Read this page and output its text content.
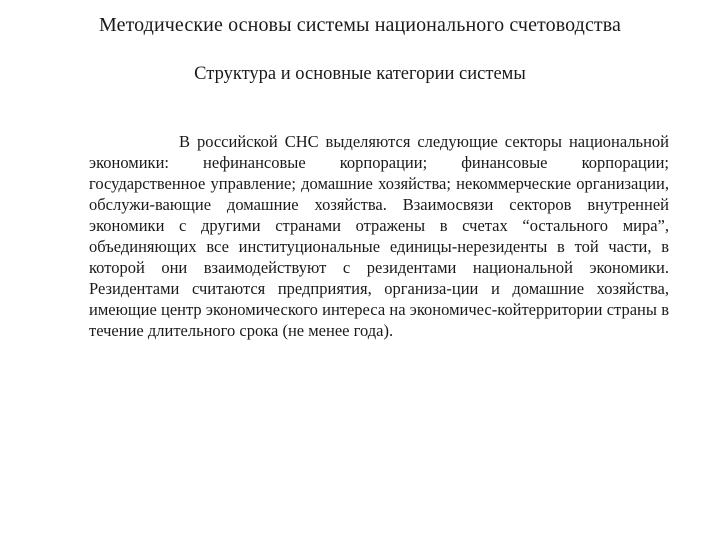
Методические основы системы национального счетоводства
Структура и основные категории системы

В российской СНС выделяются следующие секторы национальной экономики: нефинансовые корпорации; финансовые корпорации; государственное управление; домашние хозяйства; некоммерческие организации, обслужи-вающие домашние хозяйства. Взаимосвязи секторов внутренней экономики с другими странами отражены в счетах “остального мира”, объединяющих все институциональные единицы-нерезиденты в той части, в которой они взаимодействуют с резидентами национальной экономики. Резидентами считаются предприятия, организа-ции и домашние хозяйства, имеющие центр экономического интереса на экономичес-койтерритории страны в течение длительного срока (не менее года).
